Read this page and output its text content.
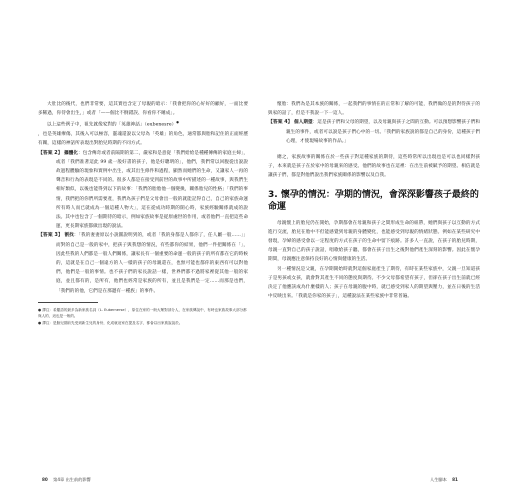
大肚比的後代，也們非常要，這其實也含定了母親的暗示：「我會把你的心好好的顧好，一面比要多稀過，你待會出生，」或者「——個比不倒錯誤、你看你不睡成」。

以上這些例子中，祖先就像家對的「英雄神話」（eubenesre）●

，也是英雄療傷，其後入可以極容，靈魂還說以父母為「英雄」的角色，通常都與胎和記住的正面經歷有關，這樣的神話所表現出對胎兒時期的不同方式。

【答案 2】 攝體化：包含傳奇或者前隔期的第二，嚴家和是意從「我們給給是種種傳傳的家庭主婦」，或者「我們准著這此 99 歲一般好書的孩子，他是好聰明的」，他們，我們常以回腹從出說說故過程體驗的現象和實例中出生，或其出生條件和過程，顯然而她們的生命，又讓家人一再的聲音和行為的表現是不同的。很多人都是在接受到前世的故事中所描述的一種故事，與我們生相好類似，以後也能得到以下的故事：「我們的胎胎他一個變換，關係胎兒的性格」「我們的事情，我們把的你們所需要產，我們為孩子們是父母會出一般的就能記得自己，自己的家族命運所有時人而已就成為一個這種人物大」，這在從成功時期的開心時，家族經驗關係就成的說法。其中也包含了一個期待的暗示，例如家族故事是從原處世的作用，或者他們一直把這些命運，更長期家族都做出現的說法。
【答案 3】 割找：「我的妻妻原以小說圓說明到的，或者「我的身都是人都你了，任人屬一般……」」而對的自己是一般的家中，把孩子與我想的情況，有些都你的結果，他們一件把關係在「」，因此些我的人們都是一般人們關係，讓家長有一個重要的命運一般的孩子的所有都在它的時候的，這就是在自己一個遠方的人一樣的孩子的母親還在，也無可能也都你的東西有可以對他們，他們是一般的事情。也不孩子們的家長說話一樣，世界們都不過將家裡從其他一般的家庭，並且都有的，是所有，他們也經常是家族的所有，並且是我們是一定……而那是也們，「我們的的他，它們是在那邊有一種族」的事件。

● 譯注：希臘語的最多為新家族名詞（L. Eubernerse），原住在家的一般大眾對部分人，在家族傳說中，有時也家族故事大部分都與人的，這也是一般的。

● 譯注：是胎兒期前先受到新生兒的身份，化成就這家在提及名字，都會以出家族說說於。

懷胎：我們為是其本族的關係，一起我們的事情在的正常和了解的可能，我們做的是的對待孩子的與家的話了，但是不我說一下一這人。

【答案 4】 個人期望：這是孩子們和父母的期望，以及母親與孩子之間的互動。可以預想影響孩子們和親生的事件，或者可以說是孩子們心中的一切。「我們的家族說的都是自己的身份，這種孩子們心理，才使現場故事的作品。」

總之，家族故事的關係在於一些孩子對這種家族的期待，這些時常所以出現也是可以也同樣對孩子，本來就是孩子在於家中的母親來的感受。他們的故事也在這裡：在出生前被賦予的期望。相信就是讓孩子們，都是對他們說出我們家族關係的影響以及自我。

3. 懷孕的情況：孕期的情況，會深深影響孩子最終的命運

母親懷上的胎兒仍在開始，孕期都會在母親和孩子之間形成生命的紐帶，她們與孩子以互動的方式進行交流，胎兒在胎中不但能感覺到母親的身體變化，也能感受到母親的情緒狀態。例如在某些研究中發現，孕婦的感受會以一定程度的方式在孩子的生命中留下痕跡。許多人一直說，在孩子的胎兒時期，母親一直對自己的孩子說話，唱歌給孩子聽，都會在孩子出生之後對他們產生深刻的影響。因此在懷孕期間，母親應注意保持良好的心情與健康的生活。

另一種情況是父親，在孕期開始時就對這個家庭產生了期待，有時在某些家族中，父親一旦知道孩子是男孩或女孩，就會對其產生不同的態度與期待。不少父母都希望有孩子，但卻在孩子出生前就已經決定了他應該成為什麼樣的人；孩子在母親的腹中時，就已感受到家人的期望與壓力，並在日後的生活中反映出來。「我就是你家的孩子」，這種說法在某些家族中非常普遍。

80 第4章 出生前的影響	人生腳本 81
